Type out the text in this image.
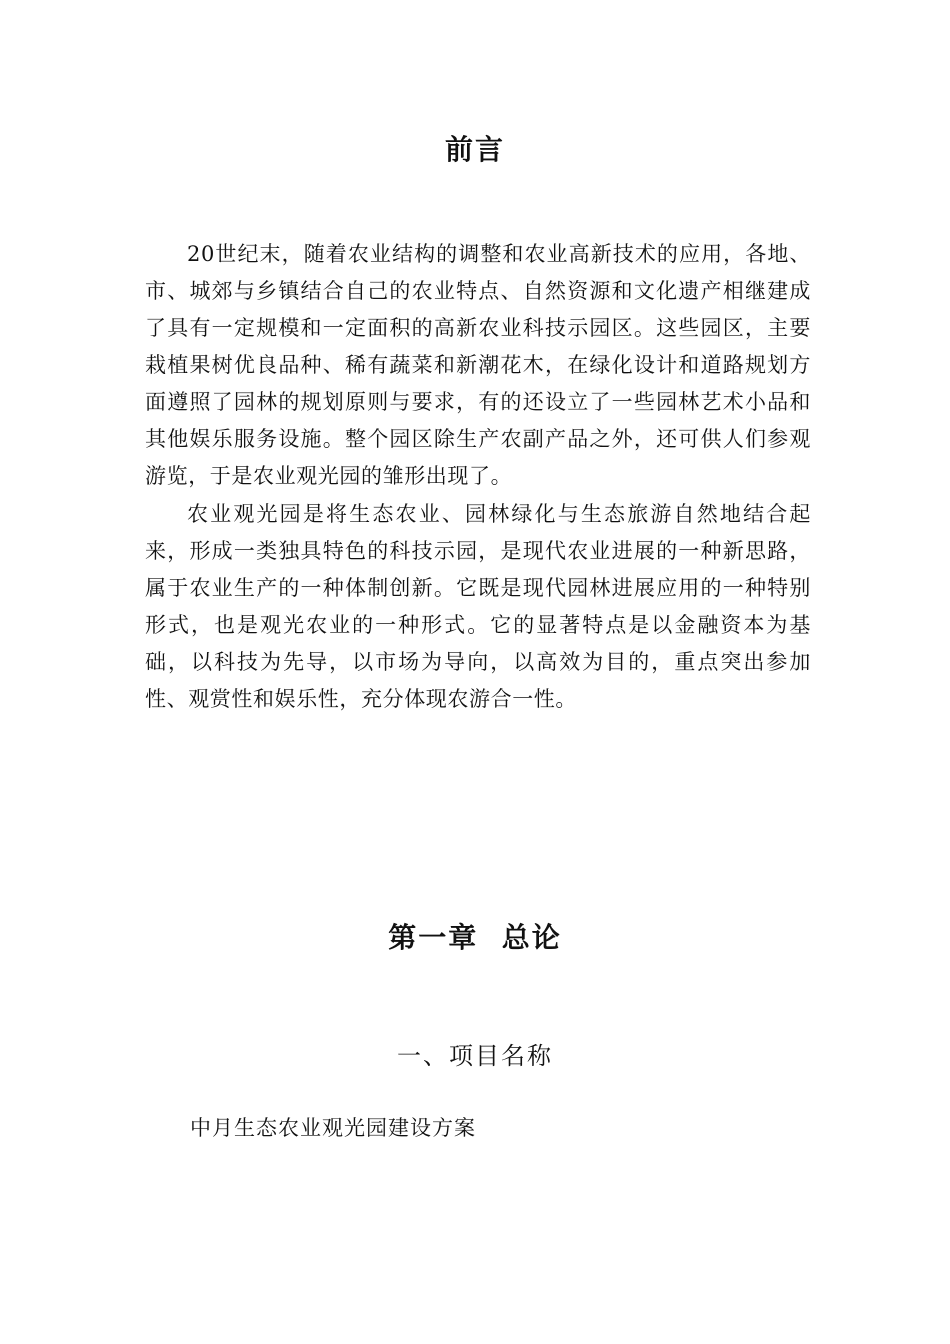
前言

20世纪末，随着农业结构的调整和农业高新技术的应用，各地、市、城郊与乡镇结合自己的农业特点、自然资源和文化遗产相继建成了具有一定规模和一定面积的高新农业科技示园区。这些园区，主要栽植果树优良品种、稀有蔬菜和新潮花木，在绿化设计和道路规划方面遵照了园林的规划原则与要求，有的还设立了一些园林艺术小品和其他娱乐服务设施。整个园区除生产农副产品之外，还可供人们参观游览，于是农业观光园的雏形出现了。

农业观光园是将生态农业、园林绿化与生态旅游自然地结合起来，形成一类独具特色的科技示园，是现代农业进展的一种新思路，属于农业生产的一种体制创新。它既是现代园林进展应用的一种特别形式，也是观光农业的一种形式。它的显著特点是以金融资本为基础，以科技为先导，以市场为导向，以高效为目的，重点突出参加性、观赏性和娱乐性，充分体现农游合一性。

第一章  总论
一、项目名称
中月生态农业观光园建设方案
